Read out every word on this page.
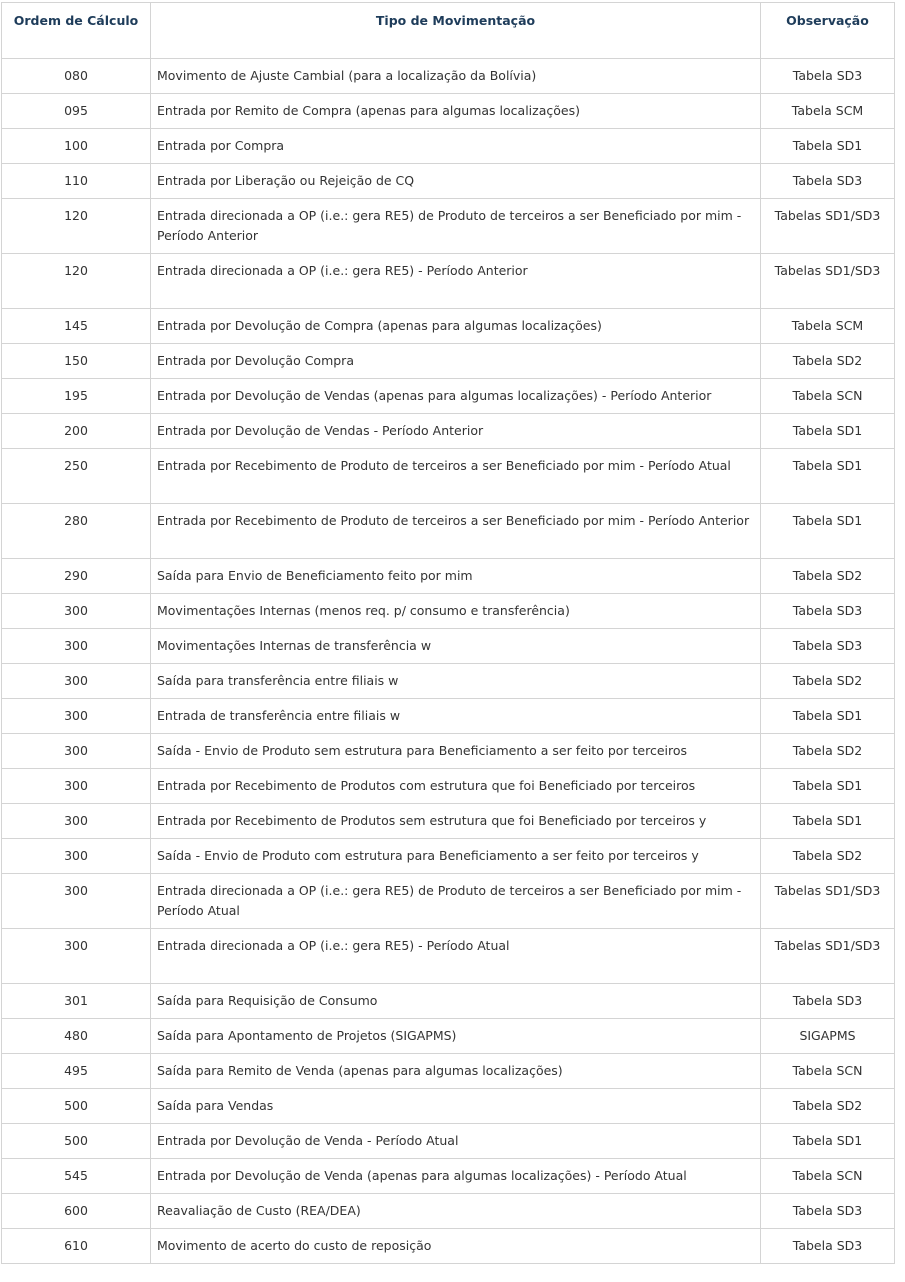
Ordem de Cálculo	Tipo de Movimentação	Observação
080	Movimento de Ajuste Cambial (para a localização da Bolívia)	Tabela SD3
095	Entrada por Remito de Compra (apenas para algumas localizações)	Tabela SCM
100	Entrada por Compra	Tabela SD1
110	Entrada por Liberação ou Rejeição de CQ	Tabela SD3
120	Entrada direcionada a OP (i.e.: gera RE5) de Produto de terceiros a ser Beneficiado por mim - Período Anterior	Tabelas SD1/SD3
120	Entrada direcionada a OP (i.e.: gera RE5) - Período Anterior	Tabelas SD1/SD3
145	Entrada por Devolução de Compra (apenas para algumas localizações)	Tabela SCM
150	Entrada por Devolução Compra	Tabela SD2
195	Entrada por Devolução de Vendas (apenas para algumas localizações) - Período Anterior	Tabela SCN
200	Entrada por Devolução de Vendas - Período Anterior	Tabela SD1
250	Entrada por Recebimento de Produto de terceiros a ser Beneficiado por mim - Período Atual	Tabela SD1
280	Entrada por Recebimento de Produto de terceiros a ser Beneficiado por mim - Período Anterior	Tabela SD1
290	Saída para Envio de Beneficiamento feito por mim	Tabela SD2
300	Movimentações Internas (menos req. p/ consumo e transferência)	Tabela SD3
300	Movimentações Internas de transferência w	Tabela SD3
300	Saída para transferência entre filiais w	Tabela SD2
300	Entrada de transferência entre filiais w	Tabela SD1
300	Saída - Envio de Produto sem estrutura para Beneficiamento a ser feito por terceiros	Tabela SD2
300	Entrada por Recebimento de Produtos com estrutura que foi Beneficiado por terceiros	Tabela SD1
300	Entrada por Recebimento de Produtos sem estrutura que foi Beneficiado por terceiros y	Tabela SD1
300	Saída - Envio de Produto com estrutura para Beneficiamento a ser feito por terceiros y	Tabela SD2
300	Entrada direcionada a OP (i.e.: gera RE5) de Produto de terceiros a ser Beneficiado por mim - Período Atual	Tabelas SD1/SD3
300	Entrada direcionada a OP (i.e.: gera RE5) - Período Atual	Tabelas SD1/SD3
301	Saída para Requisição de Consumo	Tabela SD3
480	Saída para Apontamento de Projetos (SIGAPMS)	SIGAPMS
495	Saída para Remito de Venda (apenas para algumas localizações)	Tabela SCN
500	Saída para Vendas	Tabela SD2
500	Entrada por Devolução de Venda - Período Atual	Tabela SD1
545	Entrada por Devolução de Venda (apenas para algumas localizações) - Período Atual	Tabela SCN
600	Reavaliação de Custo (REA/DEA)	Tabela SD3
610	Movimento de acerto do custo de reposição	Tabela SD3
